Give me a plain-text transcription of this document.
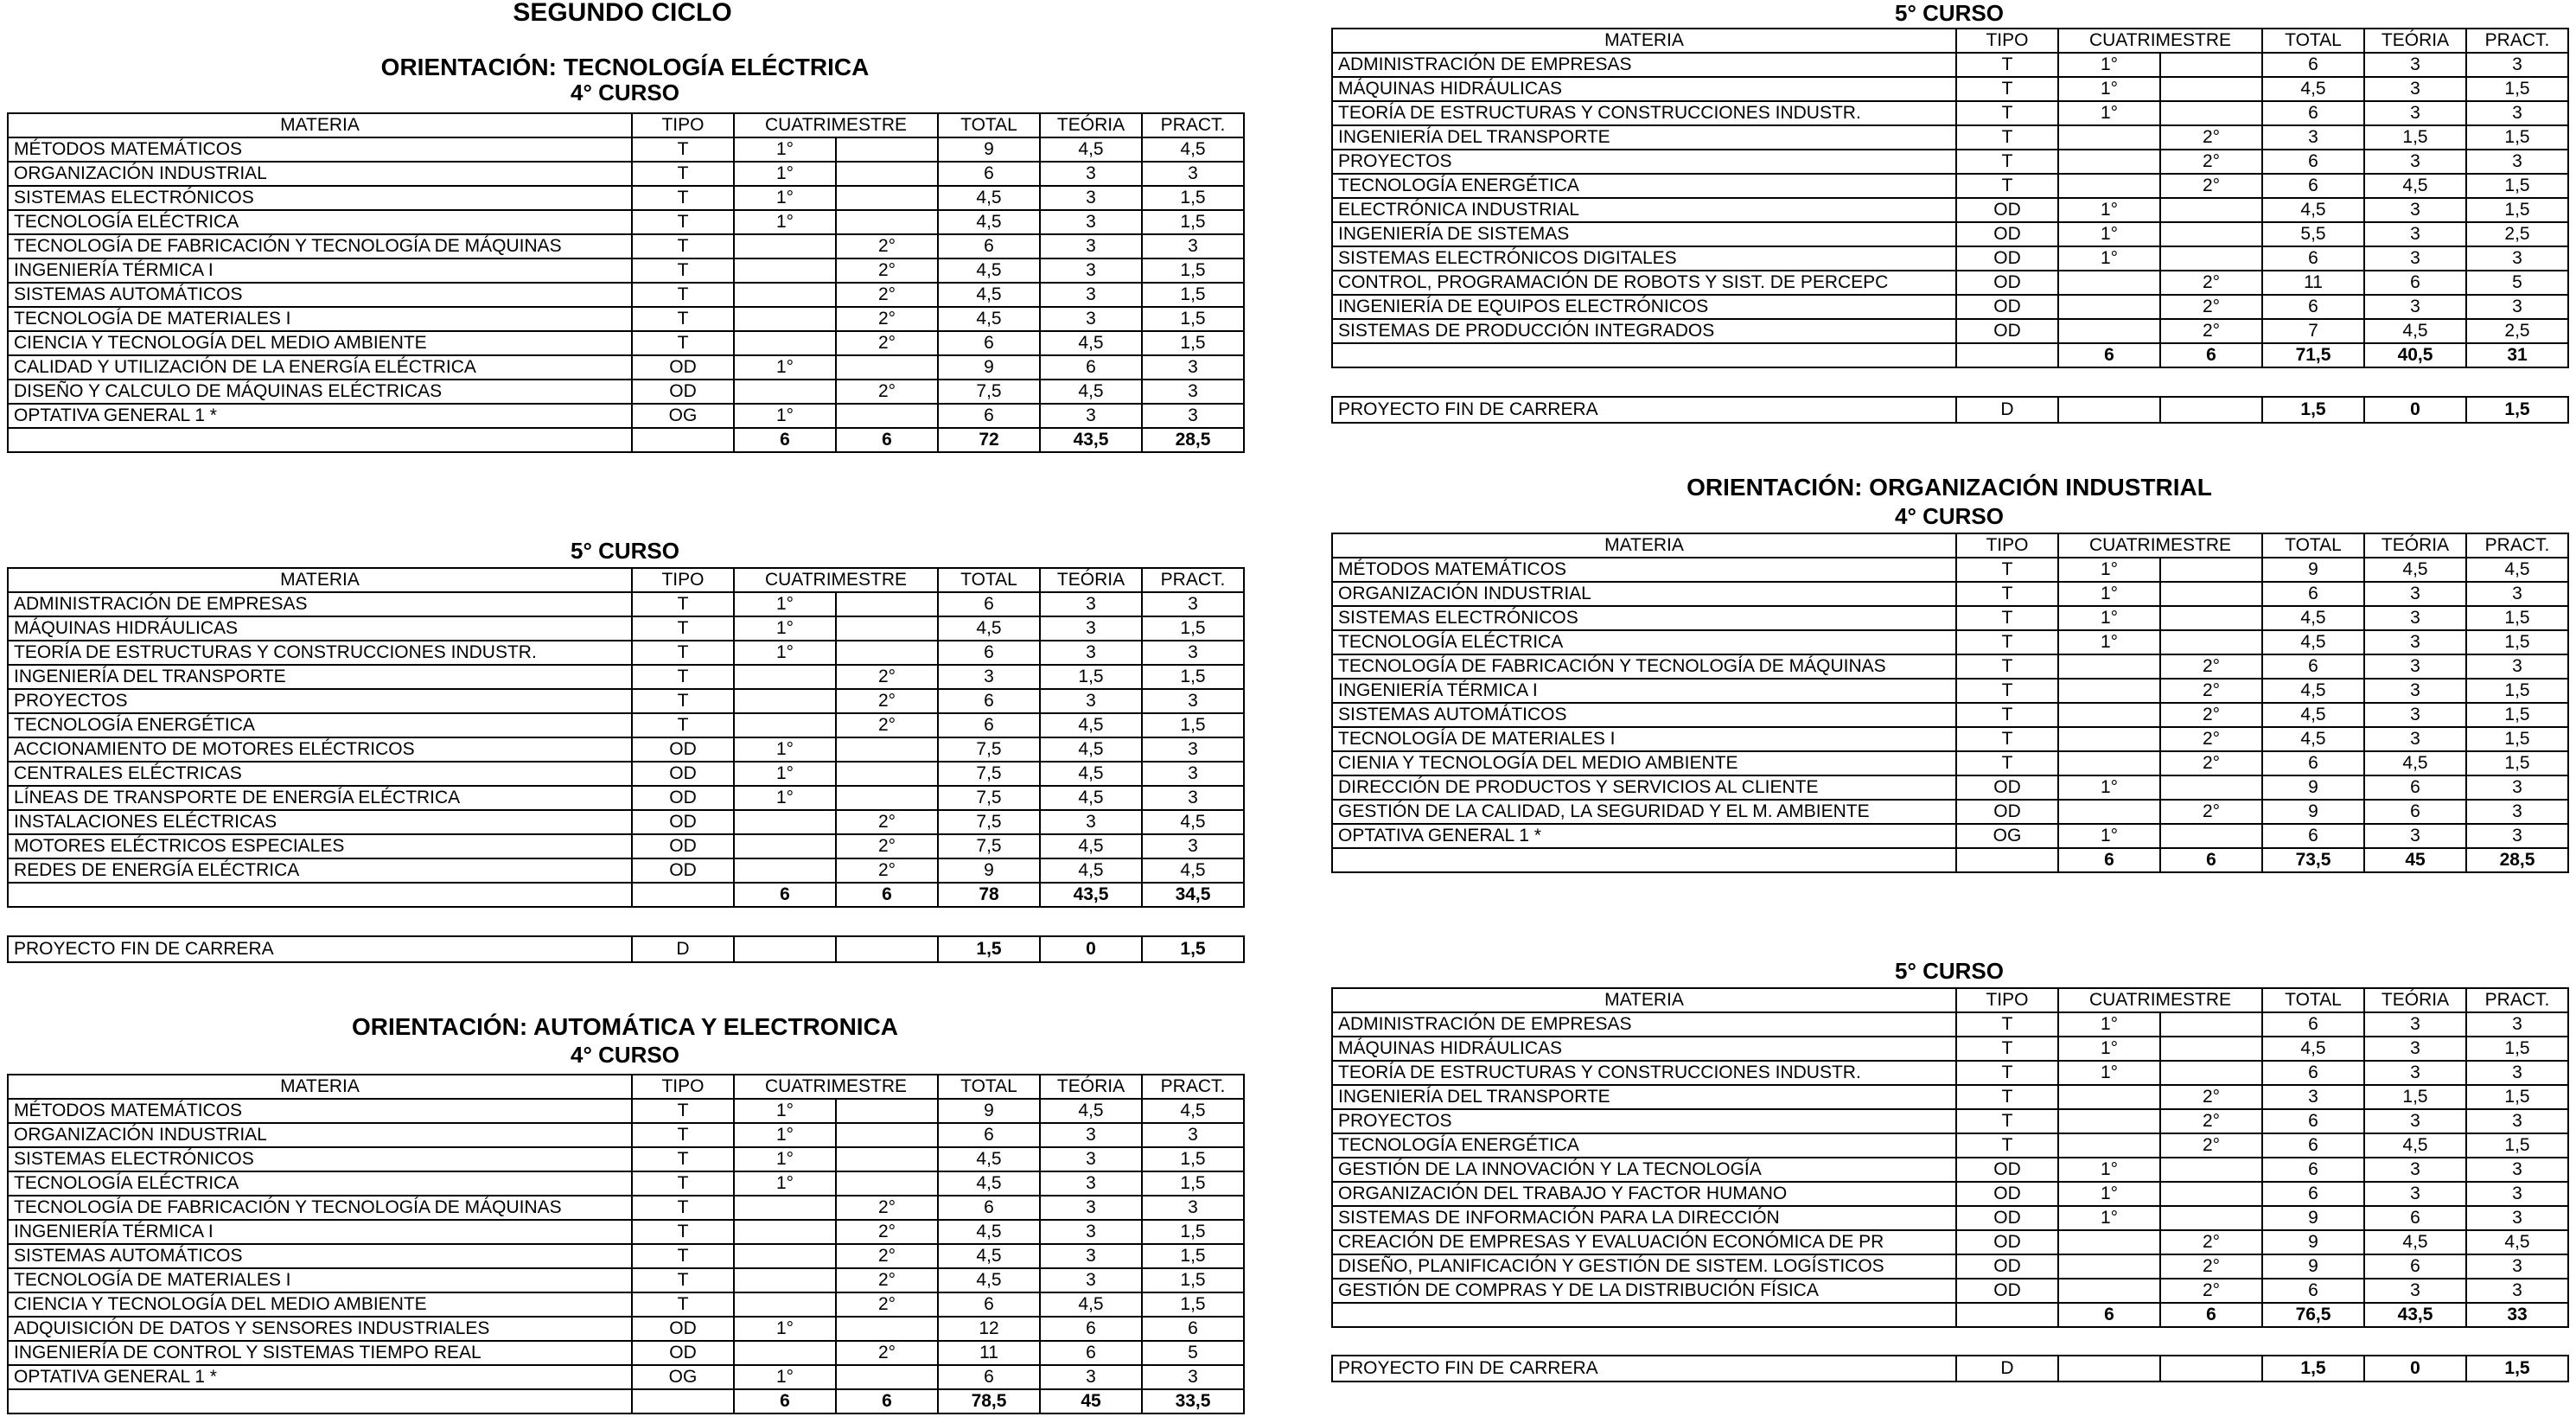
SEGUNDO CICLO
ORIENTACIÓN: TECNOLOGÍA ELÉCTRICA
4° CURSO
MATERIA	TIPO	CUATRIMESTRE		TOTAL	TEÓRIA	PRACT.
MÉTODOS MATEMÁTICOS	T	1°		9	4,5	4,5
ORGANIZACIÓN INDUSTRIAL	T	1°		6	3	3
SISTEMAS ELECTRÓNICOS	T	1°		4,5	3	1,5
TECNOLOGÍA ELÉCTRICA	T	1°		4,5	3	1,5
TECNOLOGÍA DE FABRICACIÓN Y TECNOLOGÍA DE MÁQUINAS	T		2°	6	3	3
INGENIERÍA TÉRMICA I	T		2°	4,5	3	1,5
SISTEMAS AUTOMÁTICOS	T		2°	4,5	3	1,5
TECNOLOGÍA DE MATERIALES I	T		2°	4,5	3	1,5
CIENCIA Y TECNOLOGÍA DEL MEDIO AMBIENTE	T		2°	6	4,5	1,5
CALIDAD Y UTILIZACIÓN DE LA ENERGÍA ELÉCTRICA	OD	1°		9	6	3
DISEÑO Y CALCULO DE MÁQUINAS ELÉCTRICAS	OD		2°	7,5	4,5	3
OPTATIVA GENERAL 1 *	OG	1°		6	3	3
		6	6	72	43,5	28,5
5° CURSO
MATERIA	TIPO	CUATRIMESTRE		TOTAL	TEÓRIA	PRACT.
ADMINISTRACIÓN DE EMPRESAS	T	1°		6	3	3
MÁQUINAS HIDRÁULICAS	T	1°		4,5	3	1,5
TEORÍA DE ESTRUCTURAS Y CONSTRUCCIONES INDUSTR.	T	1°		6	3	3
INGENIERÍA DEL TRANSPORTE	T		2°	3	1,5	1,5
PROYECTOS	T		2°	6	3	3
TECNOLOGÍA ENERGÉTICA	T		2°	6	4,5	1,5
ACCIONAMIENTO DE MOTORES ELÉCTRICOS	OD	1°		7,5	4,5	3
CENTRALES ELÉCTRICAS	OD	1°		7,5	4,5	3
LÍNEAS DE TRANSPORTE DE ENERGÍA ELÉCTRICA	OD	1°		7,5	4,5	3
INSTALACIONES ELÉCTRICAS	OD		2°	7,5	3	4,5
MOTORES ELÉCTRICOS ESPECIALES	OD		2°	7,5	4,5	3
REDES DE ENERGÍA ELÉCTRICA	OD		2°	9	4,5	4,5
		6	6	78	43,5	34,5
PROYECTO FIN DE CARRERA	D			1,5	0	1,5
ORIENTACIÓN: AUTOMÁTICA Y ELECTRONICA
4° CURSO
MATERIA	TIPO	CUATRIMESTRE		TOTAL	TEÓRIA	PRACT.
MÉTODOS MATEMÁTICOS	T	1°		9	4,5	4,5
ORGANIZACIÓN INDUSTRIAL	T	1°		6	3	3
SISTEMAS ELECTRÓNICOS	T	1°		4,5	3	1,5
TECNOLOGÍA ELÉCTRICA	T	1°		4,5	3	1,5
TECNOLOGÍA DE FABRICACIÓN Y TECNOLOGÍA DE MÁQUINAS	T		2°	6	3	3
INGENIERÍA TÉRMICA I	T		2°	4,5	3	1,5
SISTEMAS AUTOMÁTICOS	T		2°	4,5	3	1,5
TECNOLOGÍA DE MATERIALES I	T		2°	4,5	3	1,5
CIENCIA Y TECNOLOGÍA DEL MEDIO AMBIENTE	T		2°	6	4,5	1,5
ADQUISICIÓN DE DATOS Y SENSORES INDUSTRIALES	OD	1°		12	6	6
INGENIERÍA DE CONTROL Y SISTEMAS TIEMPO REAL	OD		2°	11	6	5
OPTATIVA GENERAL 1 *	OG	1°		6	3	3
		6	6	78,5	45	33,5
5° CURSO
MATERIA	TIPO	CUATRIMESTRE		TOTAL	TEÓRIA	PRACT.
ADMINISTRACIÓN DE EMPRESAS	T	1°		6	3	3
MÁQUINAS HIDRÁULICAS	T	1°		4,5	3	1,5
TEORÍA DE ESTRUCTURAS Y CONSTRUCCIONES INDUSTR.	T	1°		6	3	3
INGENIERÍA DEL TRANSPORTE	T		2°	3	1,5	1,5
PROYECTOS	T		2°	6	3	3
TECNOLOGÍA ENERGÉTICA	T		2°	6	4,5	1,5
ELECTRÓNICA INDUSTRIAL	OD	1°		4,5	3	1,5
INGENIERÍA DE SISTEMAS	OD	1°		5,5	3	2,5
SISTEMAS ELECTRÓNICOS DIGITALES	OD	1°		6	3	3
CONTROL, PROGRAMACIÓN DE ROBOTS Y SIST. DE PERCEPC	OD		2°	11	6	5
INGENIERÍA DE EQUIPOS ELECTRÓNICOS	OD		2°	6	3	3
SISTEMAS DE PRODUCCIÓN INTEGRADOS	OD		2°	7	4,5	2,5
		6	6	71,5	40,5	31
PROYECTO FIN DE CARRERA	D			1,5	0	1,5
ORIENTACIÓN: ORGANIZACIÓN INDUSTRIAL
4° CURSO
MATERIA	TIPO	CUATRIMESTRE		TOTAL	TEÓRIA	PRACT.
MÉTODOS MATEMÁTICOS	T	1°		9	4,5	4,5
ORGANIZACIÓN INDUSTRIAL	T	1°		6	3	3
SISTEMAS ELECTRÓNICOS	T	1°		4,5	3	1,5
TECNOLOGÍA ELÉCTRICA	T	1°		4,5	3	1,5
TECNOLOGÍA DE FABRICACIÓN Y TECNOLOGÍA DE MÁQUINAS	T		2°	6	3	3
INGENIERÍA TÉRMICA I	T		2°	4,5	3	1,5
SISTEMAS AUTOMÁTICOS	T		2°	4,5	3	1,5
TECNOLOGÍA DE MATERIALES I	T		2°	4,5	3	1,5
CIENIA Y TECNOLOGÍA DEL MEDIO AMBIENTE	T		2°	6	4,5	1,5
DIRECCIÓN DE PRODUCTOS Y SERVICIOS AL CLIENTE	OD	1°		9	6	3
GESTIÓN DE LA CALIDAD, LA SEGURIDAD Y EL M. AMBIENTE	OD		2°	9	6	3
OPTATIVA GENERAL 1 *	OG	1°		6	3	3
		6	6	73,5	45	28,5
5° CURSO
MATERIA	TIPO	CUATRIMESTRE		TOTAL	TEÓRIA	PRACT.
ADMINISTRACIÓN DE EMPRESAS	T	1°		6	3	3
MÁQUINAS HIDRÁULICAS	T	1°		4,5	3	1,5
TEORÍA DE ESTRUCTURAS Y CONSTRUCCIONES INDUSTR.	T	1°		6	3	3
INGENIERÍA DEL TRANSPORTE	T		2°	3	1,5	1,5
PROYECTOS	T		2°	6	3	3
TECNOLOGÍA ENERGÉTICA	T		2°	6	4,5	1,5
GESTIÓN DE LA INNOVACIÓN Y LA TECNOLOGÍA	OD	1°		6	3	3
ORGANIZACIÓN DEL TRABAJO Y FACTOR HUMANO	OD	1°		6	3	3
SISTEMAS DE INFORMACIÓN PARA LA DIRECCIÓN	OD	1°		9	6	3
CREACIÓN DE EMPRESAS Y EVALUACIÓN ECONÓMICA DE PR	OD		2°	9	4,5	4,5
DISEÑO, PLANIFICACIÓN Y GESTIÓN DE SISTEM. LOGÍSTICOS	OD		2°	9	6	3
GESTIÓN DE COMPRAS Y DE LA DISTRIBUCIÓN FÍSICA	OD		2°	6	3	3
		6	6	76,5	43,5	33
PROYECTO FIN DE CARRERA	D			1,5	0	1,5
